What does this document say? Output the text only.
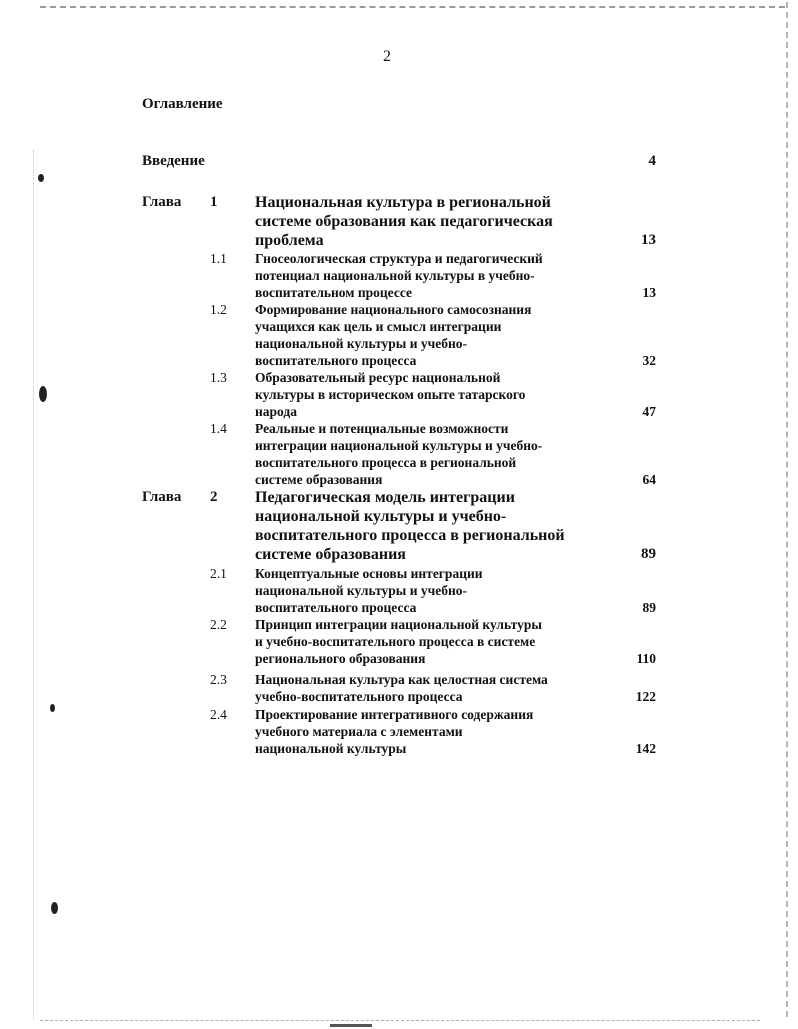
2
Оглавление
Введение	4
Глава 1 Национальная культура в региональной
системе образования как педагогическая
проблема	13
1.1 Гносеологическая структура и педагогический
потенциал национальной культуры в учебно-
воспитательном процессе	13
1.2 Формирование национального самосознания
учащихся как цель и смысл интеграции
национальной культуры и учебно-
воспитательного процесса	32
1.3 Образовательный ресурс национальной
культуры в историческом опыте татарского
народа	47
1.4 Реальные и потенциальные возможности
интеграции национальной культуры и учебно-
воспитательного процесса в региональной
системе образования	64
Глава 2 Педагогическая модель интеграции
национальной культуры и учебно-
воспитательного процесса в региональной
системе образования	89
2.1 Концептуальные основы интеграции
национальной культуры и учебно-
воспитательного процесса	89
2.2 Принцип интеграции национальной культуры
и учебно-воспитательного процесса в системе
регионального образования	110
2.3 Национальная культура как целостная система
учебно-воспитательного процесса	122
2.4 Проектирование интегративного содержания
учебного материала с элементами
национальной культуры	142
